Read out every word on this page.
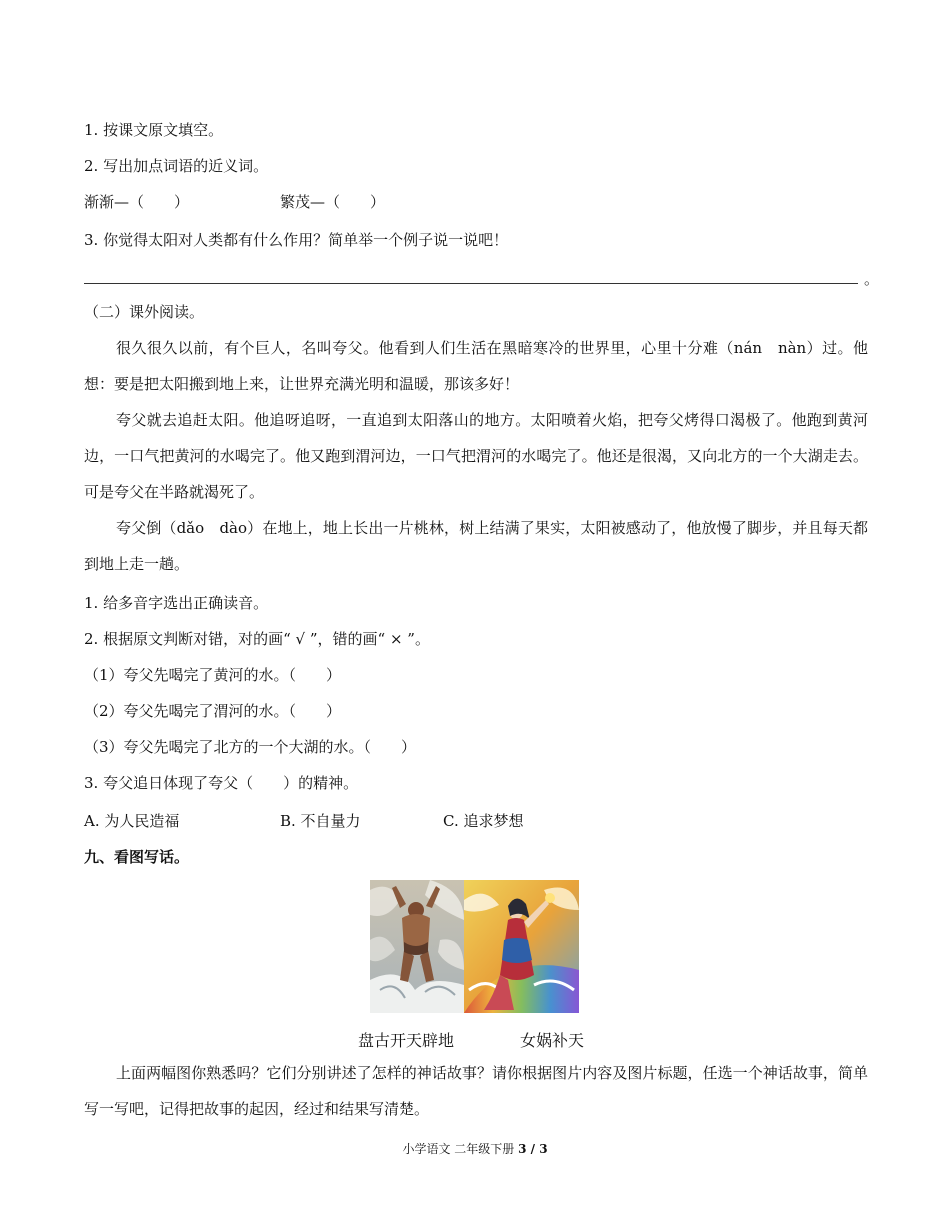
1. 按课文原文填空。
2. 写出加点词语的近义词。
渐渐—（　　）	繁茂—（　　）
3. 你觉得太阳对人类都有什么作用？简单举一个例子说一说吧！
。
（二）课外阅读。
很久很久以前，有个巨人，名叫夸父。他看到人们生活在黑暗寒冷的世界里，心里十分难（nán　nàn）过。他想：要是把太阳搬到地上来，让世界充满光明和温暖，那该多好！
夸父就去追赶太阳。他追呀追呀，一直追到太阳落山的地方。太阳喷着火焰，把夸父烤得口渴极了。他跑到黄河边，一口气把黄河的水喝完了。他又跑到渭河边，一口气把渭河的水喝完了。他还是很渴，又向北方的一个大湖走去。可是夸父在半路就渴死了。
夸父倒（dǎo　dào）在地上，地上长出一片桃林，树上结满了果实，太阳被感动了，他放慢了脚步，并且每天都到地上走一趟。
1. 给多音字选出正确读音。
2. 根据原文判断对错，对的画“ √ ”，错的画“ × ”。
（1）夸父先喝完了黄河的水。（　　）
（2）夸父先喝完了渭河的水。（　　）
（3）夸父先喝完了北方的一个大湖的水。（　　）
3. 夸父追日体现了夸父（　　）的精神。
A. 为人民造福	B. 不自量力	C. 追求梦想
九、看图写话。
盘古开天辟地	女娲补天
上面两幅图你熟悉吗？它们分别讲述了怎样的神话故事？请你根据图片内容及图片标题，任选一个神话故事，简单写一写吧，记得把故事的起因，经过和结果写清楚。
小学语文 二年级下册 3 / 3
